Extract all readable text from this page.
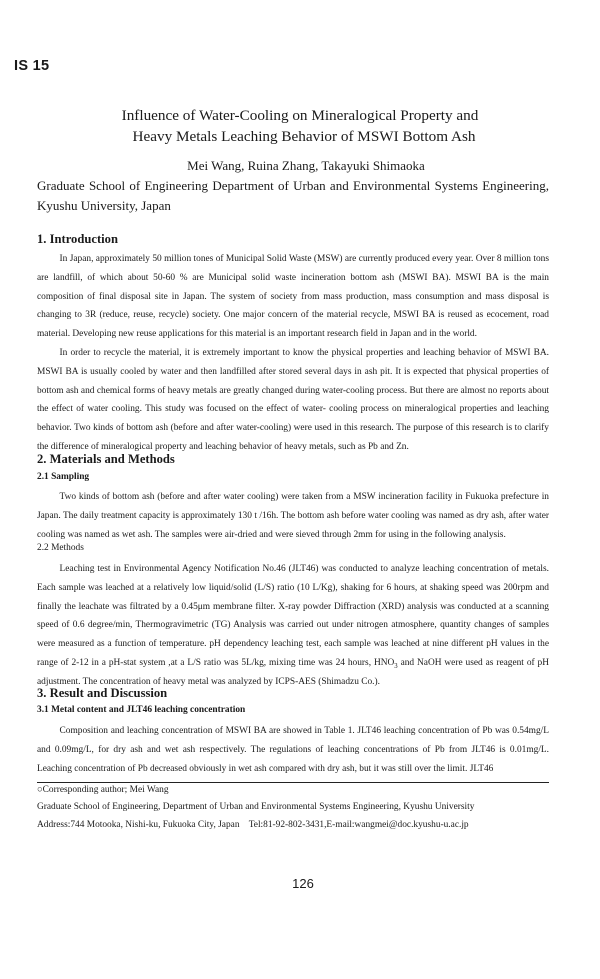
IS 15
Influence of Water-Cooling on Mineralogical Property and
Heavy Metals Leaching Behavior of MSWI Bottom Ash
Mei Wang, Ruina Zhang, Takayuki Shimaoka
Graduate School of Engineering Department of Urban and Environmental Systems Engineering, Kyushu University, Japan
1. Introduction

In Japan, approximately 50 million tones of Municipal Solid Waste (MSW) are currently produced every year. Over 8 million tons are landfill, of which about 50-60 % are Municipal solid waste incineration bottom ash (MSWI BA). MSWI BA is the main composition of final disposal site in Japan. The system of society from mass production, mass consumption and mass disposal is changing to 3R (reduce, reuse, recycle) society. One major concern of the material recycle, MSWI BA is reused as ecocement, road material. Developing new reuse applications for this material is an important research field in Japan and in the world.

In order to recycle the material, it is extremely important to know the physical properties and leaching behavior of MSWI BA. MSWI BA is usually cooled by water and then landfilled after stored several days in ash pit. It is expected that physical properties of bottom ash and chemical forms of heavy metals are greatly changed during water-cooling process. But there are almost no reports about the effect of water cooling. This study was focused on the effect of water- cooling process on mineralogical properties and leaching behavior. Two kinds of bottom ash (before and after water-cooling) were used in this research. The purpose of this research is to clarify the difference of mineralogical property and leaching behavior of heavy metals, such as Pb and Zn.

2. Materials and Methods
2.1 Sampling

Two kinds of bottom ash (before and after water cooling) were taken from a MSW incineration facility in Fukuoka prefecture in Japan. The daily treatment capacity is approximately 130 t /16h. The bottom ash before water cooling was named as dry ash, after water cooling was named as wet ash. The samples were air-dried and were sieved through 2mm for using in the following analysis.

2.2 Methods

Leaching test in Environmental Agency Notification No.46 (JLT46) was conducted to analyze leaching concentration of metals. Each sample was leached at a relatively low liquid/solid (L/S) ratio (10 L/Kg), shaking for 6 hours, at shaking speed was 200rpm and finally the leachate was filtrated by a 0.45μm membrane filter. X-ray powder Diffraction (XRD) analysis was conducted at a scanning speed of 0.6 degree/min, Thermogravimetric (TG) Analysis was carried out under nitrogen atmosphere, quantity changes of samples were measured as a function of temperature. pH dependency leaching test, each sample was leached at nine different pH values in the range of 2-12 in a pH-stat system ,at a L/S ratio was 5L/kg, mixing time was 24 hours, $HNO_3$ and NaOH were used as reagent of pH adjustment. The concentration of heavy metal was analyzed by ICPS-AES (Shimadzu Co.).

3. Result and Discussion
3.1 Metal content and JLT46 leaching concentration

Composition and leaching concentration of MSWI BA are showed in Table 1. JLT46 leaching concentration of Pb was 0.54mg/L and 0.09mg/L, for dry ash and wet ash respectively. The regulations of leaching concentrations of Pb from JLT46 is 0.01mg/L. Leaching concentration of Pb decreased obviously in wet ash compared with dry ash, but it was still over the limit. JLT46

○Corresponding author; Mei Wang
Graduate School of Engineering, Department of Urban and Environmental Systems Engineering, Kyushu University
Address:744 Motooka, Nishi-ku, Fukuoka City, Japan    Tel:81-92-802-3431,E-mail:wangmei@doc.kyushu-u.ac.jp
126
